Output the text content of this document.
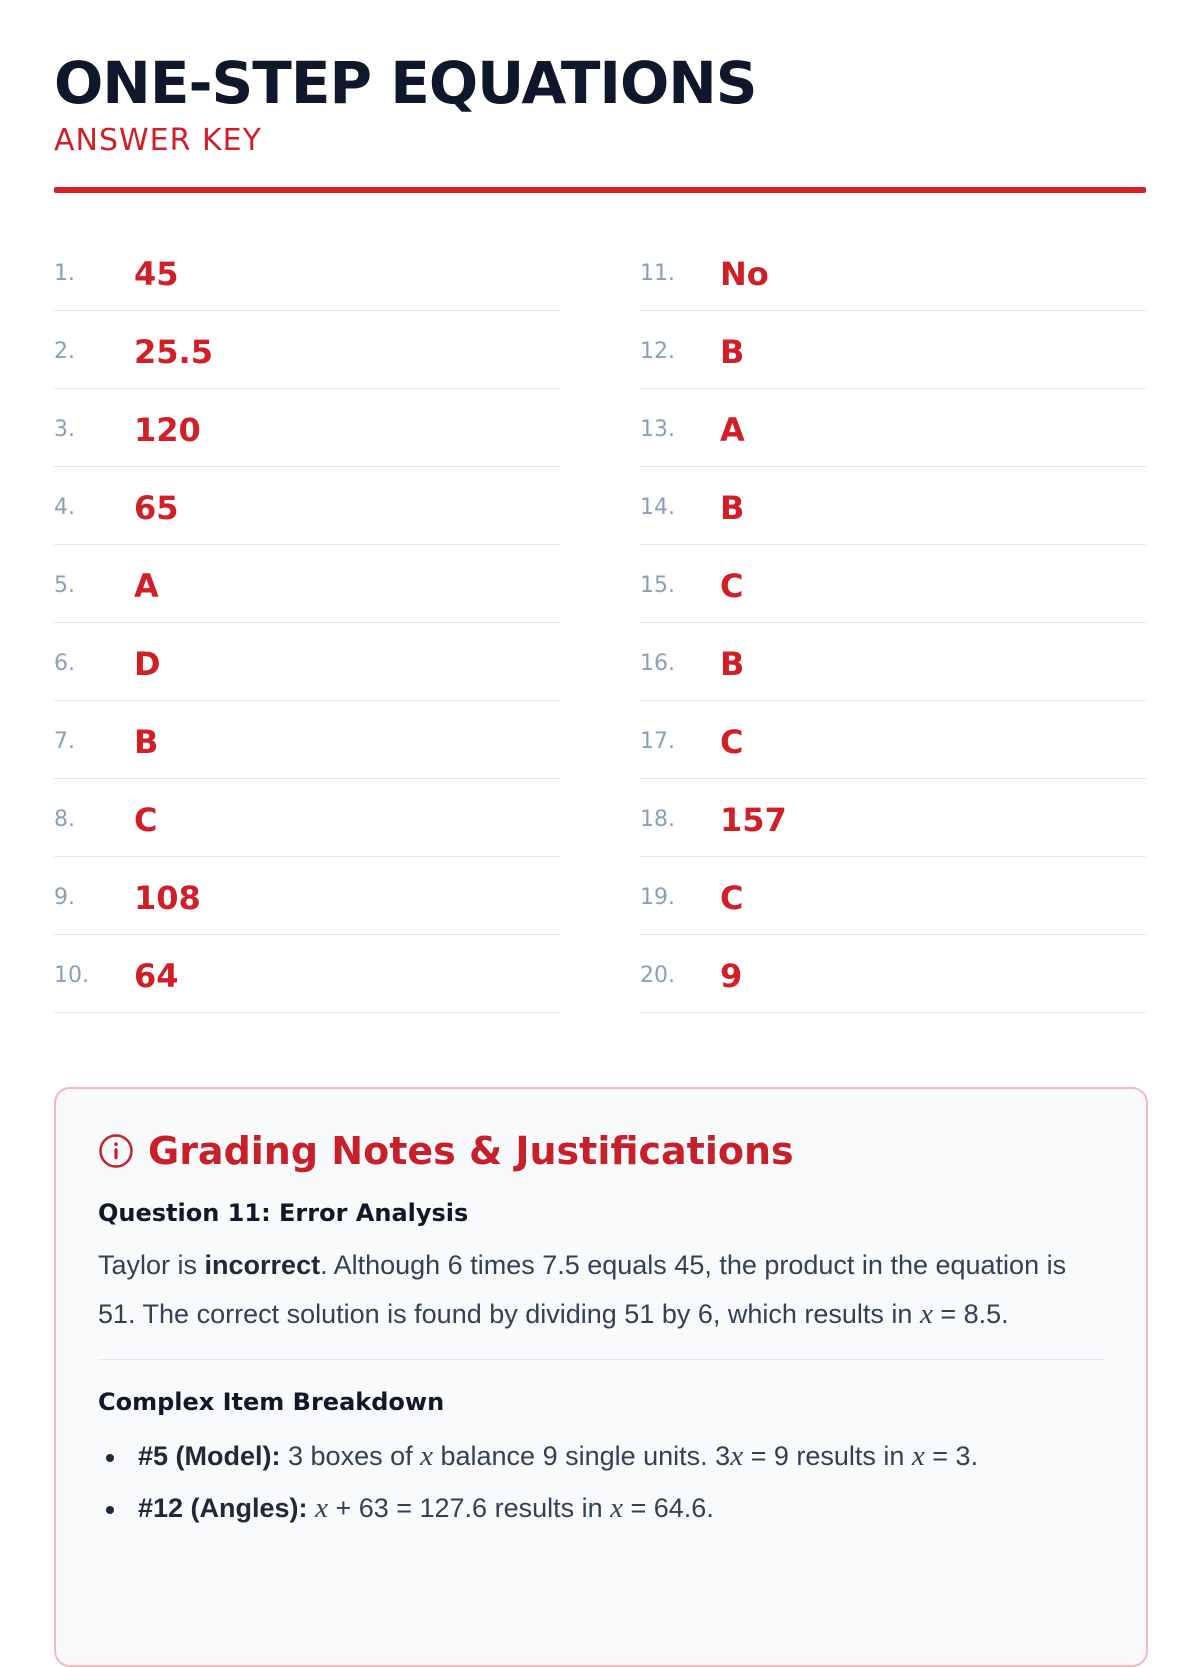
ONE-STEP EQUATIONS
ANSWER KEY
1.	45
2.	25.5
3.	120
4.	65
5.	A
6.	D
7.	B
8.	C
9.	108
10.	64
11.	No
12.	B
13.	A
14.	B
15.	C
16.	B
17.	C
18.	157
19.	C
20.	9
Grading Notes & Justifications
Question 11: Error Analysis

Taylor is incorrect. Although 6 times 7.5 equals 45, the product in the equation is 51. The correct solution is found by dividing 51 by 6, which results in x = 8.5.

Complex Item Breakdown
#5 (Model): 3 boxes of x balance 9 single units. 3x = 9 results in x = 3.
#12 (Angles): x + 63 = 127.6 results in x = 64.6.
